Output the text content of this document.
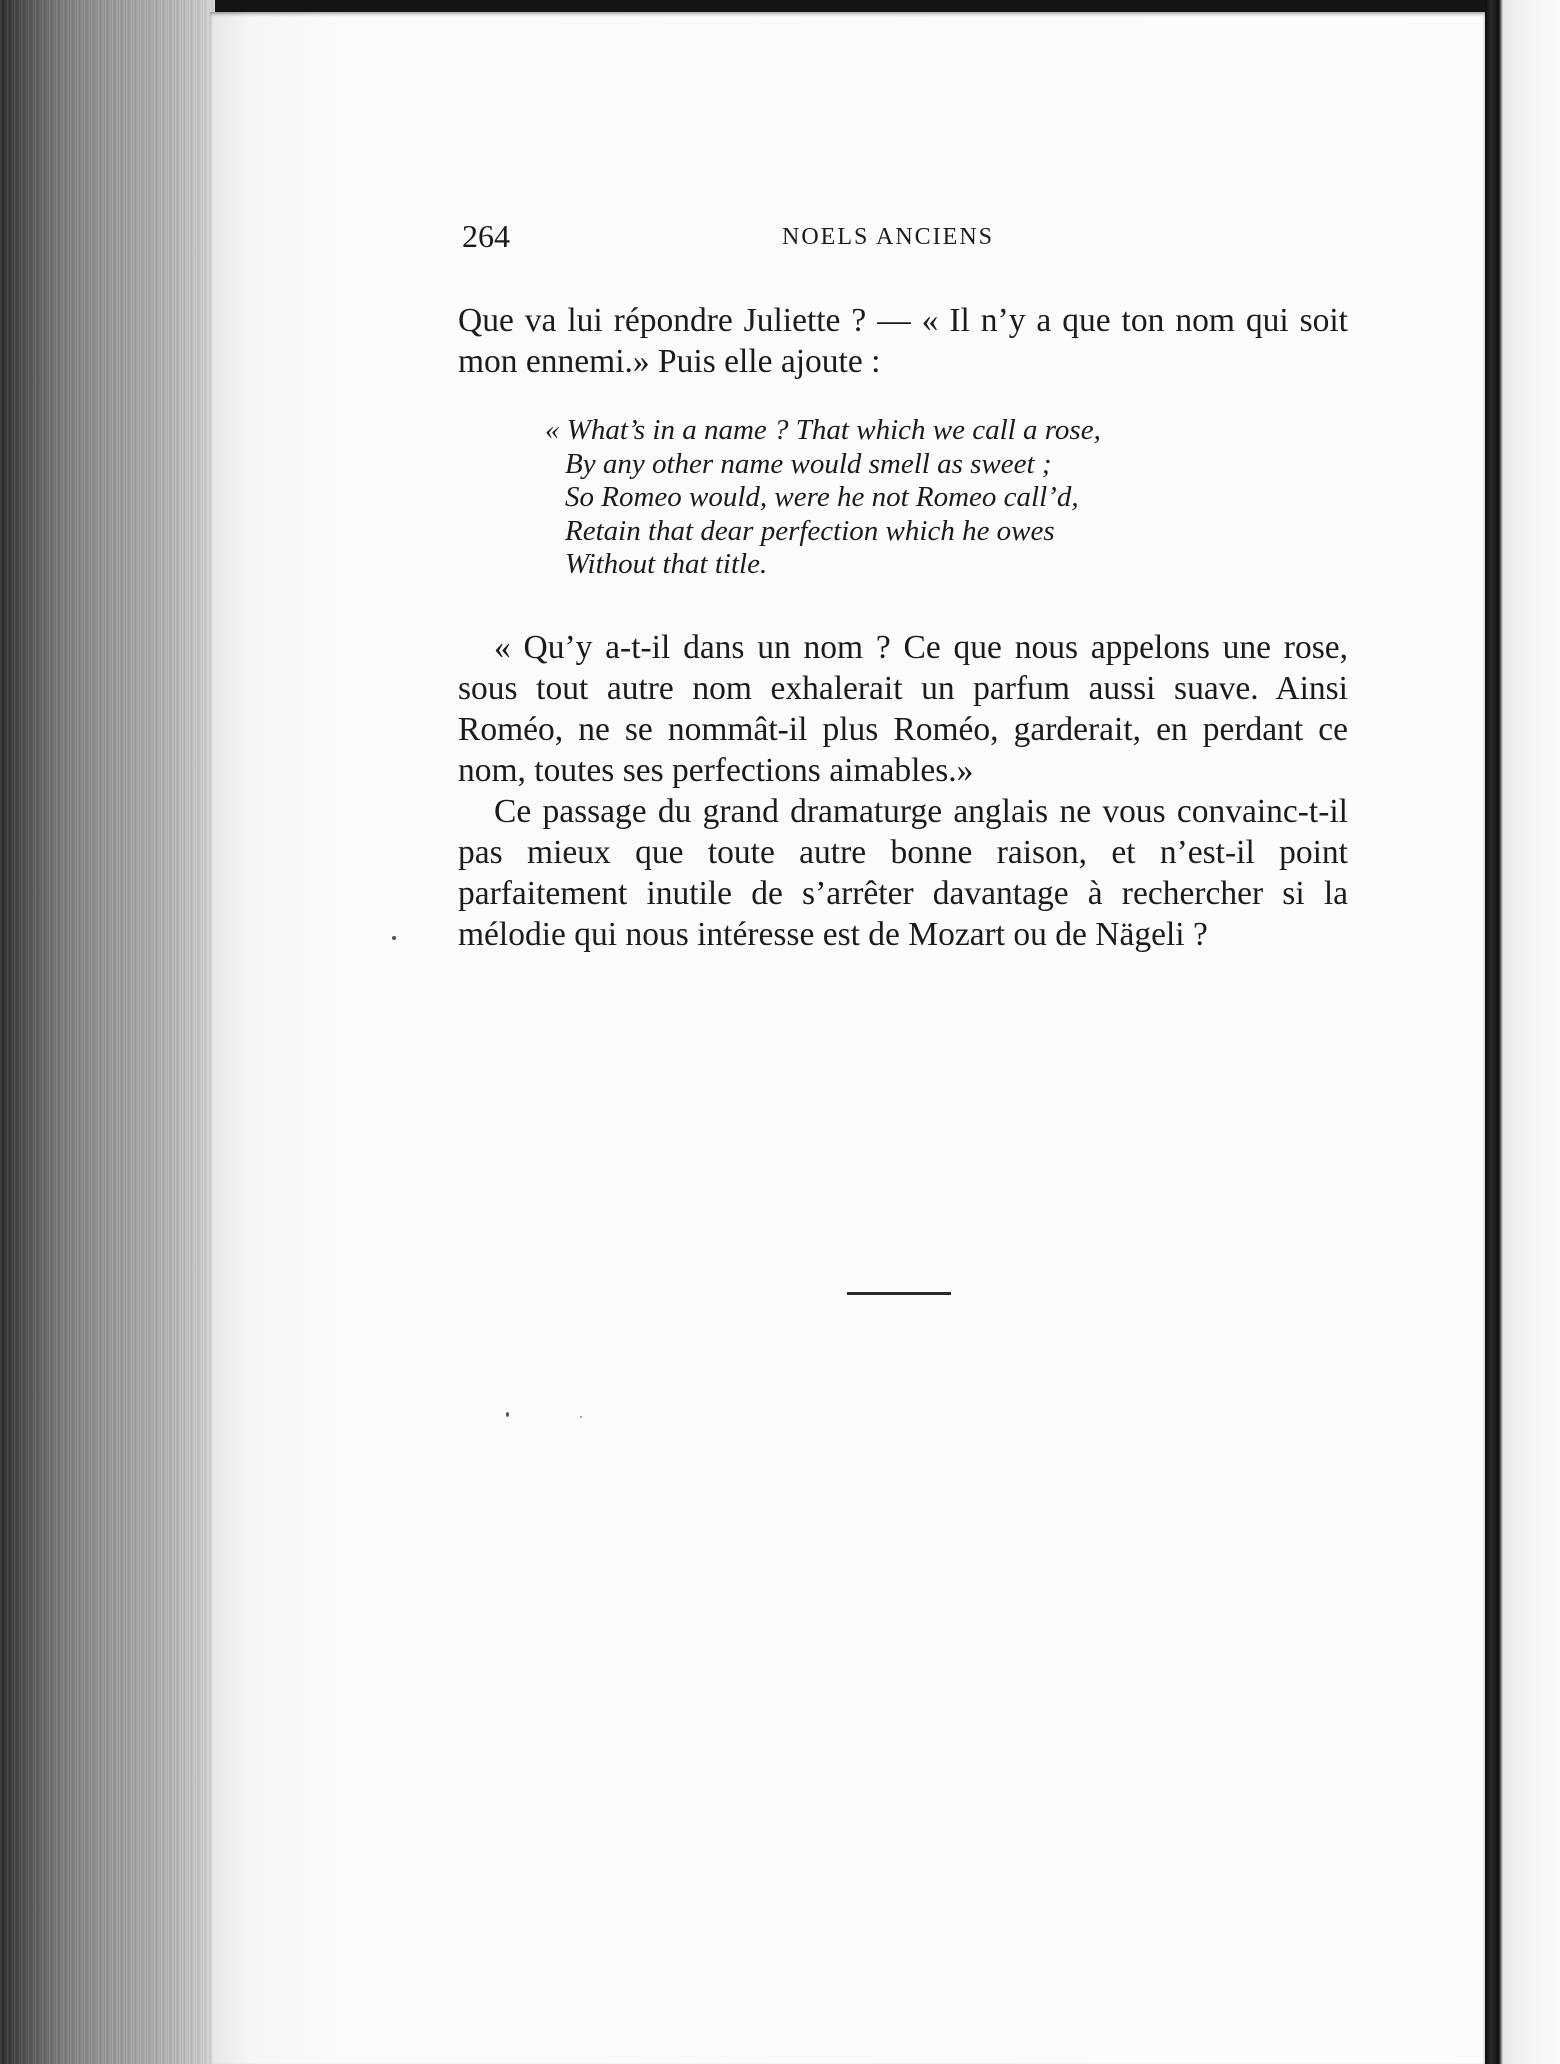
264	NOELS ANCIENS

Que va lui répondre Juliette ? — « Il n’y a que ton nom qui soit mon ennemi.» Puis elle ajoute :

« What’s in a name ? That which we call a rose,
By any other name would smell as sweet ;
So Romeo would, were he not Romeo call’d,
Retain that dear perfection which he owes
Without that title.

« Qu’y a-t-il dans un nom ? Ce que nous appelons une rose, sous tout autre nom exhalerait un parfum aussi suave. Ainsi Roméo, ne se nommât-il plus Roméo, garderait, en perdant ce nom, toutes ses perfections aimables.»

Ce passage du grand dramaturge anglais ne vous convainc-t-il pas mieux que toute autre bonne raison, et n’est-il point parfaitement inutile de s’arrêter davantage à rechercher si la mélodie qui nous intéresse est de Mozart ou de Nägeli ?
